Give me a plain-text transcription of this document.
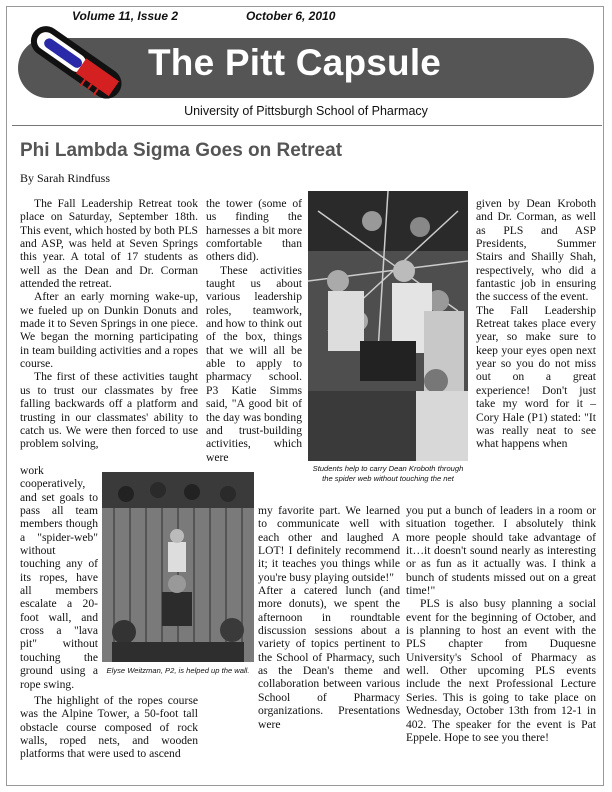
Volume 11, Issue 2	October 6, 2010
The Pitt Capsule
University of Pittsburgh School of Pharmacy
Phi Lambda Sigma Goes on Retreat
By Sarah Rindfuss

The Fall Leadership Retreat took place on Saturday, September 18th. This event, which hosted by both PLS and ASP, was held at Seven Springs this year. A total of 17 students as well as the Dean and Dr. Corman attended the retreat.

After an early morning wake-up, we fueled up on Dunkin Donuts and made it to Seven Springs in one piece. We began the morning participating in team building activities and a ropes course.

The first of these activities taught us to trust our classmates by free falling backwards off a platform and trusting in our classmates' ability to catch us. We were then forced to use problem solving,

work cooperatively, and set goals to pass all team members though a "spider-web" without touching any of its ropes, have all members escalate a 20-foot wall, and cross a "lava pit" without touching the ground using a rope swing.

The highlight of the ropes course was the Alpine Tower, a 50-foot tall obstacle course composed of rock walls, roped nets, and wooden platforms that were used to ascend

Elyse Weitzman, P2, is helped up the wall.

the tower (some of us finding the harnesses a bit more comfortable than others did).

These activities taught us about various leadership roles, teamwork, and how to think out of the box, things that we will all be able to apply to pharmacy school. P3 Katie Simms said, "A good bit of the day was bonding and trust-building activities, which were

my favorite part. We learned to communicate well with each other and laughed A LOT! I definitely recommend it; it teaches you things while you're busy playing outside!"

After a catered lunch (and more donuts), we spent the afternoon in roundtable discussion sessions about a variety of topics pertinent to the School of Pharmacy, such as the Dean's theme and collaboration between various School of Pharmacy organizations. Presentations were

Students help to carry Dean Kroboth through the spider web without touching the net

given by Dean Kroboth and Dr. Corman, as well as PLS and ASP Presidents, Summer Stairs and Shailly Shah, respectively, who did a fantastic job in ensuring the success of the event.

The Fall Leadership Retreat takes place every year, so make sure to keep your eyes open next year so you do not miss out on a great experience! Don't just take my word for it – Cory Hale (P1) stated: "It was really neat to see what happens when

you put a bunch of leaders in a room or situation together. I absolutely think more people should take advantage of it…it doesn't sound nearly as interesting or as fun as it actually was. I think a bunch of students missed out on a great time!"

PLS is also busy planning a social event for the beginning of October, and is planning to host an event with the PLS chapter from Duquesne University's School of Pharmacy as well. Other upcoming PLS events include the next Professional Lecture Series. This is going to take place on Wednesday, October 13th from 12-1 in 402. The speaker for the event is Pat Eppele. Hope to see you there!
